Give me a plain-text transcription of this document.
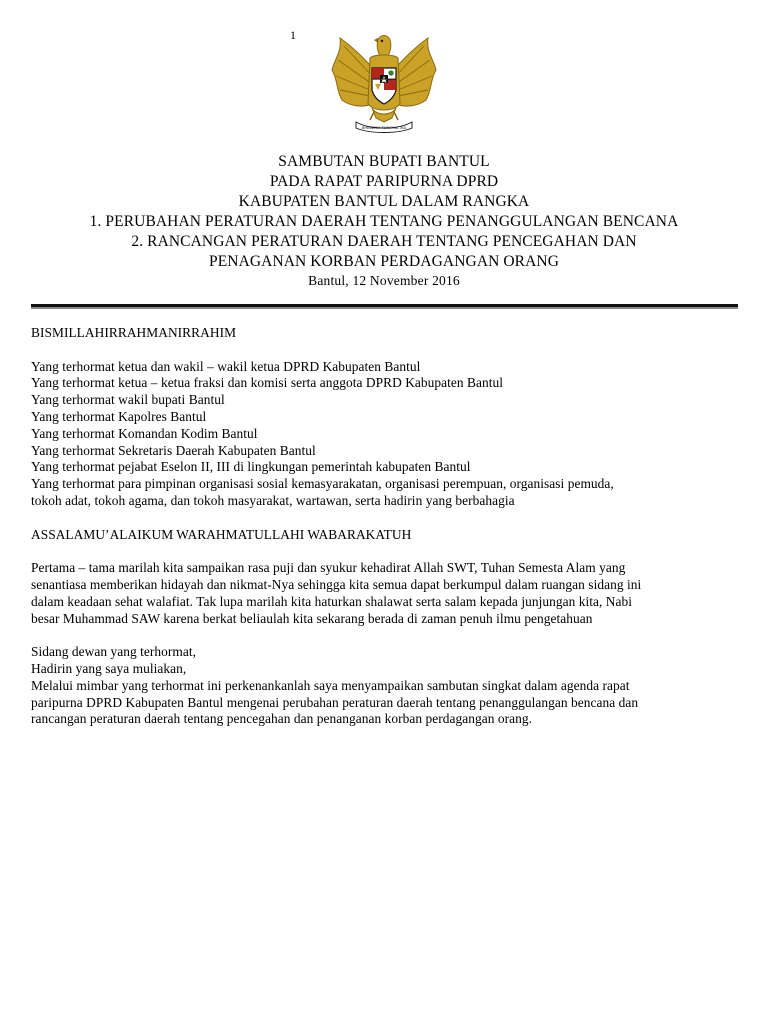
1
BHINNEKA TUNGGAL IKA
SAMBUTAN BUPATI BANTUL
PADA RAPAT PARIPURNA DPRD
KABUPATEN BANTUL DALAM RANGKA
1. PERUBAHAN PERATURAN DAERAH TENTANG PENANGGULANGAN BENCANA
2. RANCANGAN PERATURAN DAERAH TENTANG PENCEGAHAN DAN
PENAGANAN KORBAN PERDAGANGAN ORANG
Bantul, 12 November 2016

BISMILLAHIRRAHMANIRRAHIM

Yang terhormat ketua dan wakil – wakil ketua DPRD Kabupaten Bantul

Yang terhormat ketua – ketua fraksi dan komisi serta anggota DPRD Kabupaten Bantul

Yang terhormat wakil bupati Bantul

Yang terhormat Kapolres Bantul

Yang terhormat Komandan Kodim Bantul

Yang terhormat Sekretaris Daerah Kabupaten Bantul

Yang terhormat pejabat Eselon II, III di lingkungan pemerintah kabupaten Bantul

Yang terhormat para pimpinan organisasi sosial kemasyarakatan, organisasi perempuan, organisasi pemuda,

tokoh adat, tokoh agama, dan tokoh masyarakat, wartawan, serta hadirin yang berbahagia

ASSALAMU’ALAIKUM WARAHMATULLAHI WABARAKATUH

Pertama – tama marilah kita sampaikan rasa puji dan syukur kehadirat Allah SWT, Tuhan Semesta Alam yang

senantiasa memberikan hidayah dan nikmat-Nya sehingga kita semua dapat berkumpul dalam ruangan sidang ini

dalam keadaan sehat walafiat. Tak lupa marilah kita haturkan shalawat serta salam kepada junjungan kita, Nabi

besar Muhammad SAW karena berkat beliaulah kita sekarang berada di zaman penuh ilmu pengetahuan

Sidang dewan yang terhormat,

Hadirin yang saya muliakan,

Melalui mimbar yang terhormat ini perkenankanlah saya menyampaikan sambutan singkat dalam agenda rapat

paripurna DPRD Kabupaten Bantul mengenai perubahan peraturan daerah tentang penanggulangan bencana dan

rancangan peraturan daerah tentang pencegahan dan penanganan korban perdagangan orang.
